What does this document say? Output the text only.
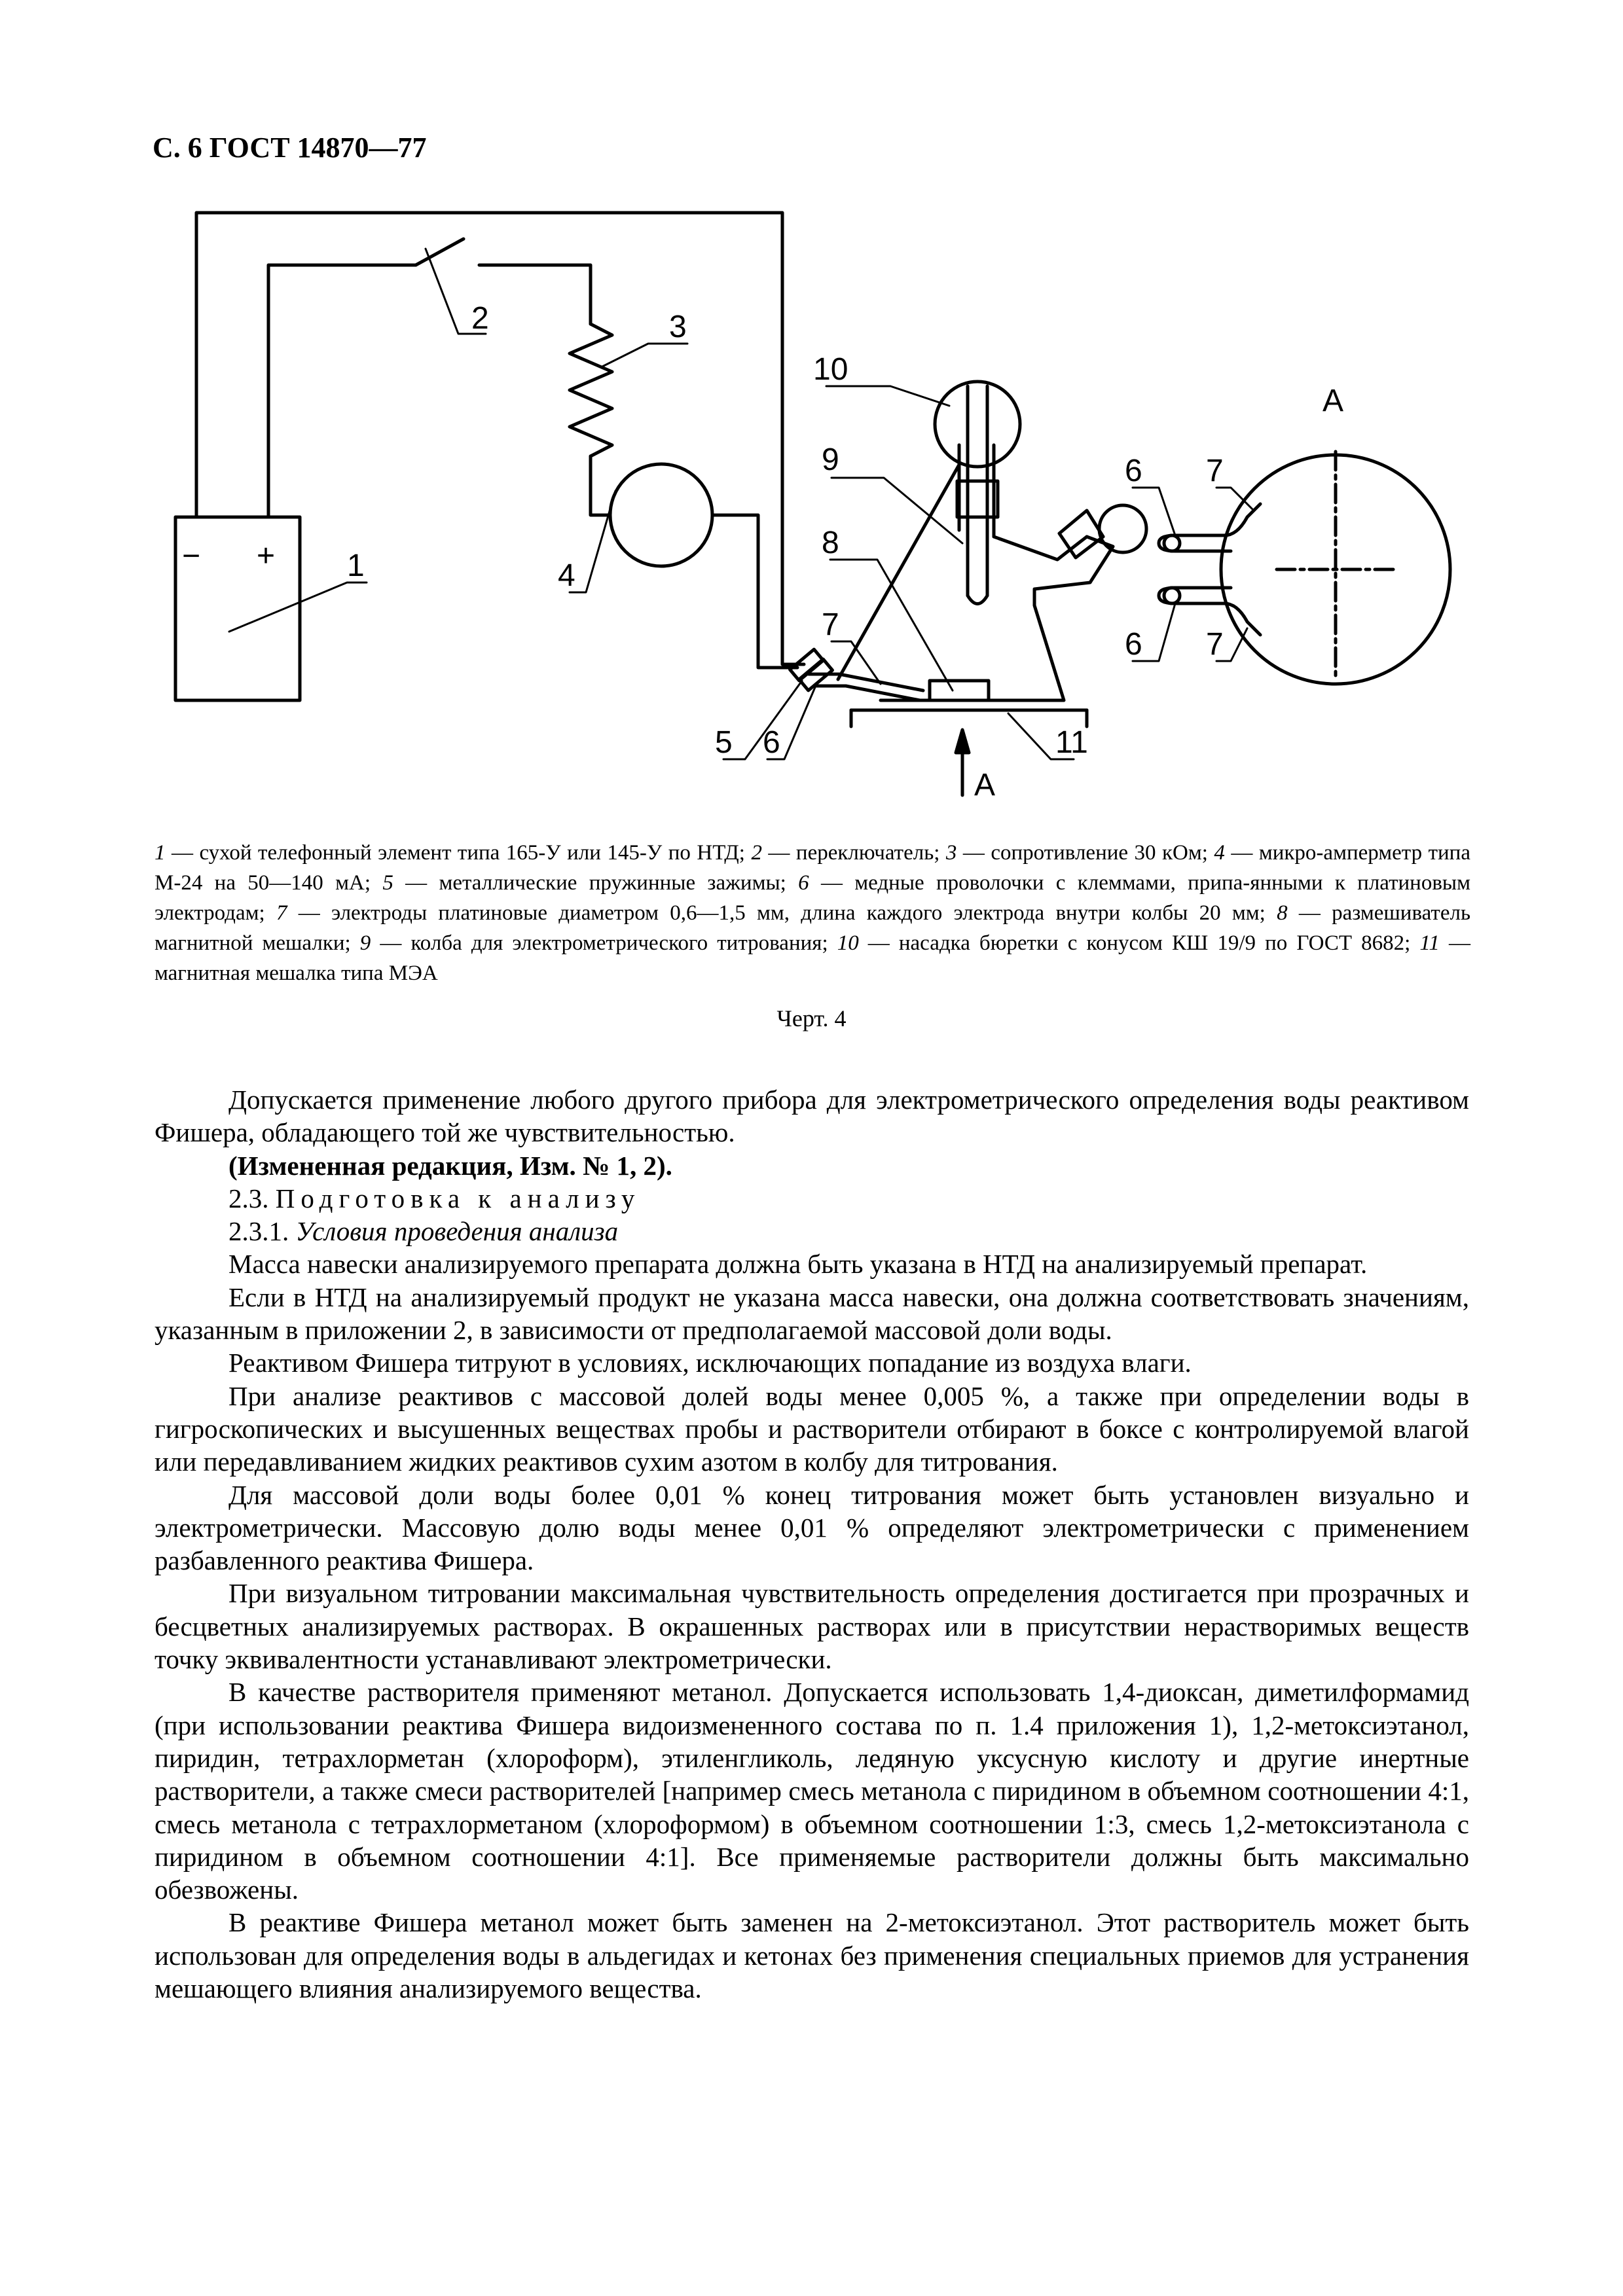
С. 6 ГОСТ 14870—77
− + 1
2	3
4
5 6
7
8
9
10
11
6 7
6 7
A
A
1 — сухой телефонный элемент типа 165-У или 145-У по НТД; 2 — переключатель; 3 — сопротивление 30 кОм; 4 — микро-амперметр типа М-24 на 50—140 мА; 5 — металлические пружинные зажимы; 6 — медные проволочки с клеммами, припа-янными к платиновым электродам; 7 — электроды платиновые диаметром 0,6—1,5 мм, длина каждого электрода внутри колбы 20 мм; 8 — размешиватель магнитной мешалки; 9 — колба для электрометрического титрования; 10 — насадка бюретки с конусом КШ 19/9 по ГОСТ 8682; 11 — магнитная мешалка типа МЭА
Черт. 4

Допускается применение любого другого прибора для электрометрического определения воды реактивом Фишера, обладающего той же чувствительностью.

(Измененная редакция, Изм. № 1, 2).

2.3. Подготовка к анализу

2.3.1. Условия проведения анализа

Масса навески анализируемого препарата должна быть указана в НТД на анализируемый препарат.

Если в НТД на анализируемый продукт не указана масса навески, она должна соответствовать значениям, указанным в приложении 2, в зависимости от предполагаемой массовой доли воды.

Реактивом Фишера титруют в условиях, исключающих попадание из воздуха влаги.

При анализе реактивов с массовой долей воды менее 0,005 %, а также при определении воды в гигроскопических и высушенных веществах пробы и растворители отбирают в боксе с контролируемой влагой или передавливанием жидких реактивов сухим азотом в колбу для титрования.

Для массовой доли воды более 0,01 % конец титрования может быть установлен визуально и электрометрически. Массовую долю воды менее 0,01 % определяют электрометрически с применением разбавленного реактива Фишера.

При визуальном титровании максимальная чувствительность определения достигается при прозрачных и бесцветных анализируемых растворах. В окрашенных растворах или в присутствии нерастворимых веществ точку эквивалентности устанавливают электрометрически.

В качестве растворителя применяют метанол. Допускается использовать 1,4-диоксан, диметилформамид (при использовании реактива Фишера видоизмененного состава по п. 1.4 приложения 1), 1,2-метоксиэтанол, пиридин, тетрахлорметан (хлороформ), этиленгликоль, ледяную уксусную кислоту и другие инертные растворители, а также смеси растворителей [например смесь метанола с пиридином в объемном соотношении 4:1, смесь метанола с тетрахлорметаном (хлороформом) в объемном соотношении 1:3, смесь 1,2-метоксиэтанола с пиридином в объемном соотношении 4:1]. Все применяемые растворители должны быть максимально обезвожены.

В реактиве Фишера метанол может быть заменен на 2-метоксиэтанол. Этот растворитель может быть использован для определения воды в альдегидах и кетонах без применения специальных приемов для устранения мешающего влияния анализируемого вещества.
